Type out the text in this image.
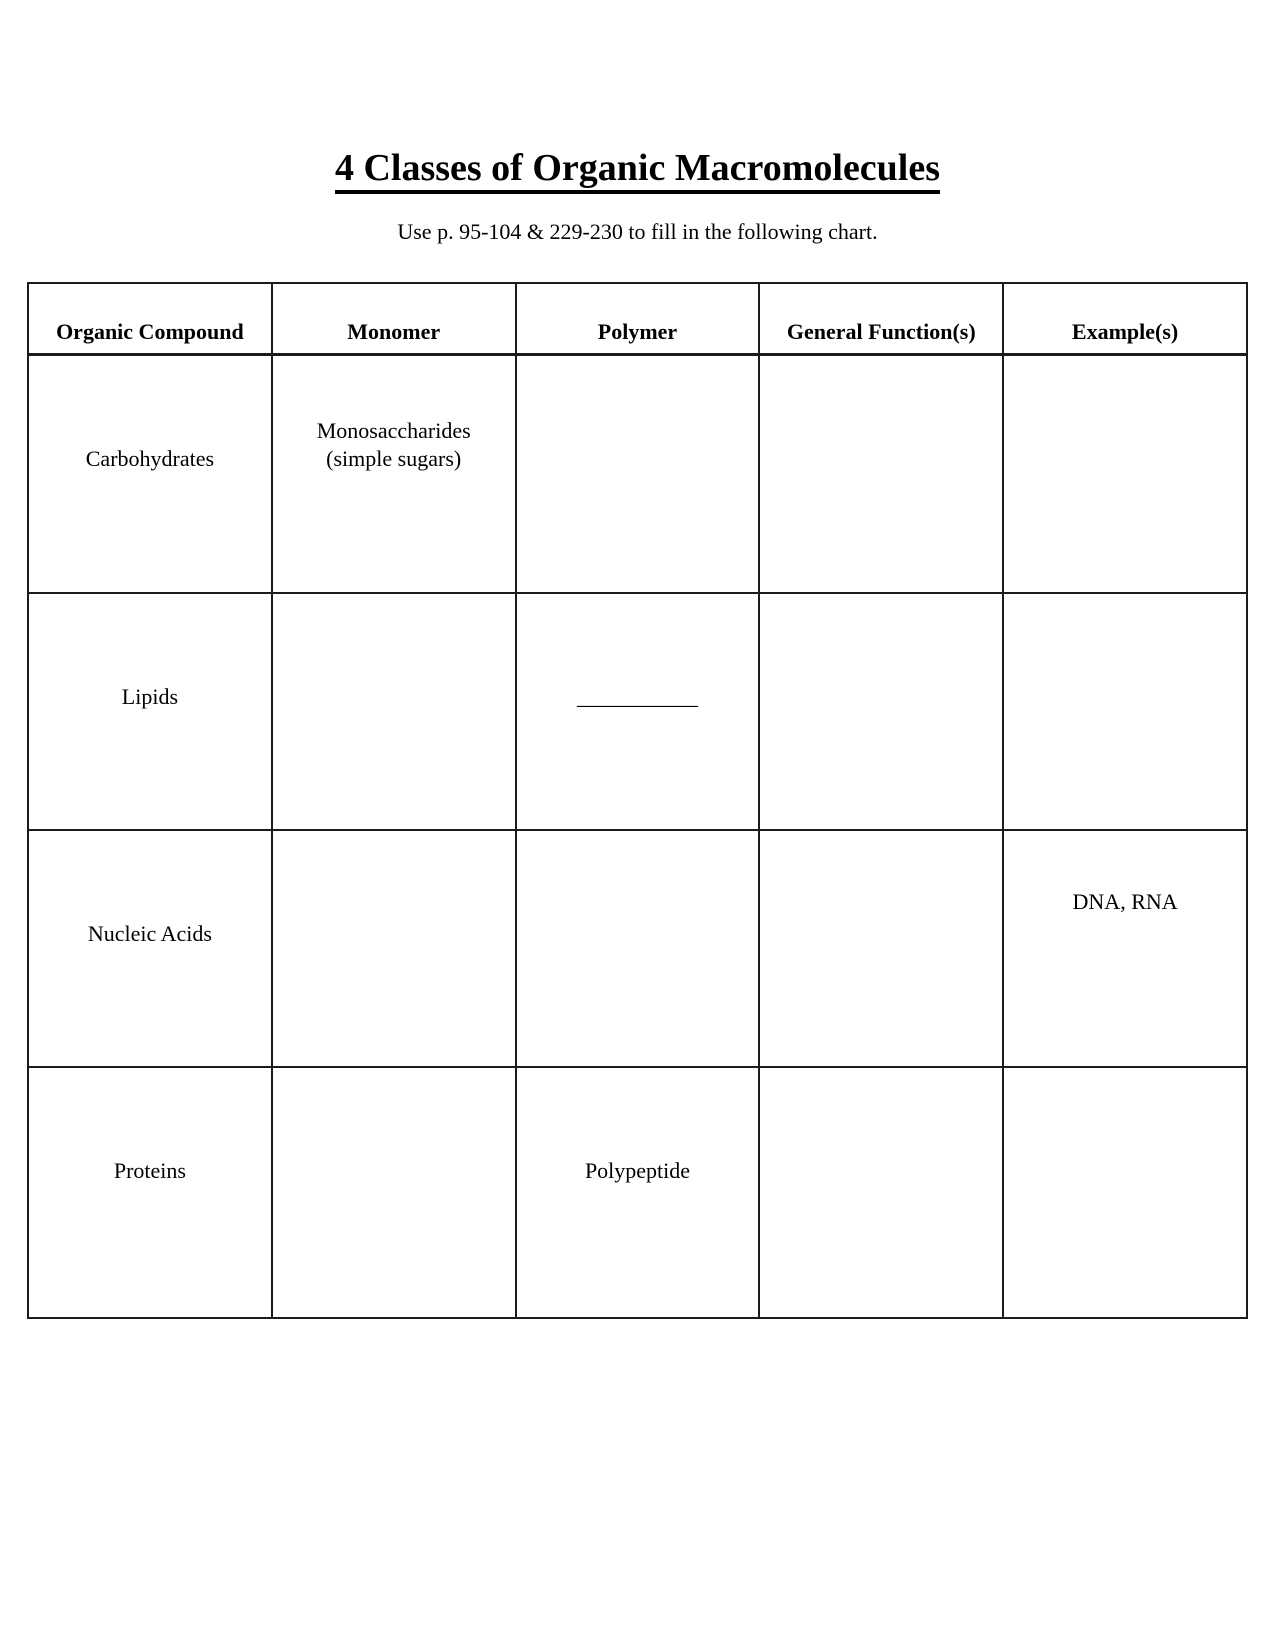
4 Classes of Organic Macromolecules

Use p. 95-104 & 229-230 to fill in the following chart.

Organic Compound	Monomer	Polymer	General Function(s)	Example(s)

Carbohydrates	Monosaccharides
(simple sugars)			

Lipids		___________		

Nucleic Acids				DNA, RNA

Proteins		Polypeptide		
